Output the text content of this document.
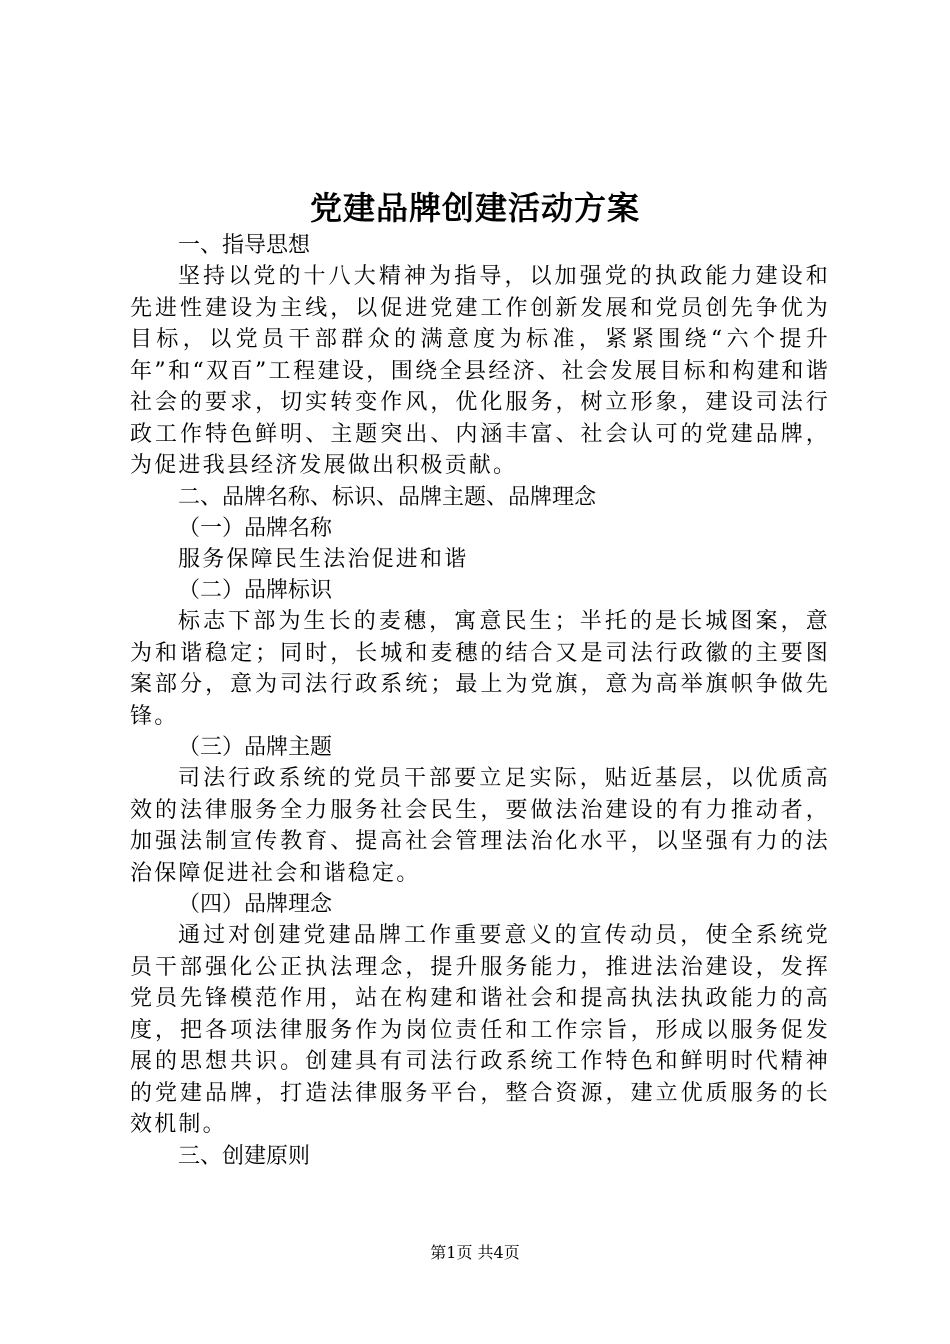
党建品牌创建活动方案
一、指导思想

坚持以党的十八大精神为指导，以加强党的执政能力建设和先进性建设为主线，以促进党建工作创新发展和党员创先争优为目标，以党员干部群众的满意度为标准，紧紧围绕“六个提升年”和“双百”工程建设，围绕全县经济、社会发展目标和构建和谐社会的要求，切实转变作风，优化服务，树立形象，建设司法行政工作特色鲜明、主题突出、内涵丰富、社会认可的党建品牌，为促进我县经济发展做出积极贡献。

二、品牌名称、标识、品牌主题、品牌理念
（一）品牌名称
服务保障民生法治促进和谐
（二）品牌标识

标志下部为生长的麦穗，寓意民生；半托的是长城图案，意为和谐稳定；同时，长城和麦穗的结合又是司法行政徽的主要图案部分，意为司法行政系统；最上为党旗，意为高举旗帜争做先锋。

（三）品牌主题

司法行政系统的党员干部要立足实际，贴近基层，以优质高效的法律服务全力服务社会民生，要做法治建设的有力推动者，加强法制宣传教育、提高社会管理法治化水平，以坚强有力的法治保障促进社会和谐稳定。

（四）品牌理念

通过对创建党建品牌工作重要意义的宣传动员，使全系统党员干部强化公正执法理念，提升服务能力，推进法治建设，发挥党员先锋模范作用，站在构建和谐社会和提高执法执政能力的高度，把各项法律服务作为岗位责任和工作宗旨，形成以服务促发展的思想共识。创建具有司法行政系统工作特色和鲜明时代精神的党建品牌，打造法律服务平台，整合资源，建立优质服务的长效机制。

三、创建原则
第1页 共4页
